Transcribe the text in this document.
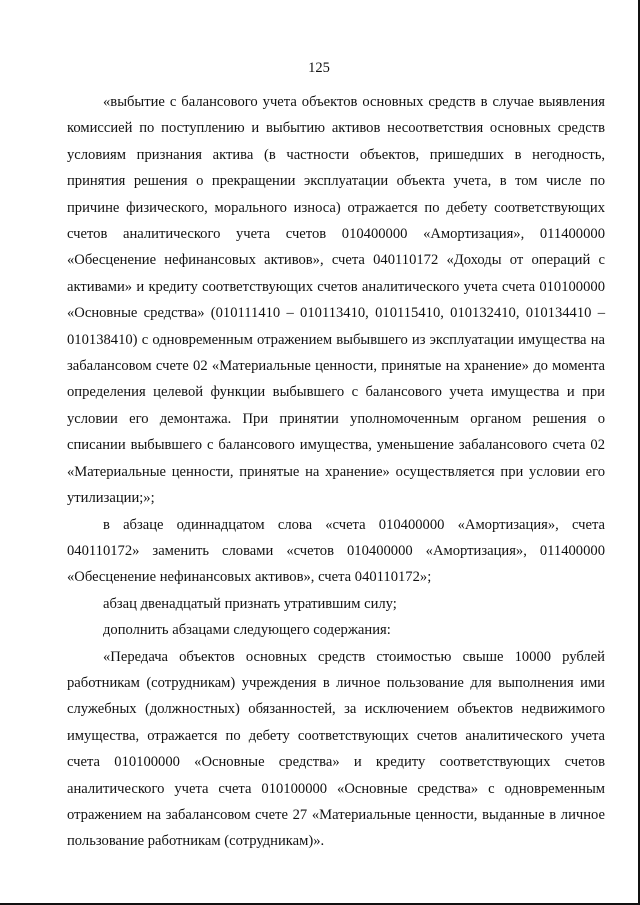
125

«выбытие с балансового учета объектов основных средств в случае выявления комиссией по поступлению и выбытию активов несоответствия основных средств условиям признания актива (в частности объектов, пришедших в негодность, принятия решения о прекращении эксплуатации объекта учета, в том числе по причине физического, морального износа) отражается по дебету соответствующих счетов аналитического учета счетов 010400000 «Амортизация», 011400000 «Обесценение нефинансовых активов», счета 040110172 «Доходы от операций с активами» и кредиту соответствующих счетов аналитического учета счета 010100000 «Основные средства» (010111410 – 010113410, 010115410, 010132410, 010134410 – 010138410) с одновременным отражением выбывшего из эксплуатации имущества на забалансовом счете 02 «Материальные ценности, принятые на хранение» до момента определения целевой функции выбывшего с балансового учета имущества и при условии его демонтажа. При принятии уполномоченным органом решения о списании выбывшего с балансового имущества, уменьшение забалансового счета 02 «Материальные ценности, принятые на хранение» осуществляется при условии его утилизации;»;

в абзаце одиннадцатом слова «счета 010400000 «Амортизация», счета 040110172» заменить словами «счетов 010400000 «Амортизация», 011400000 «Обесценение нефинансовых активов», счета 040110172»;

абзац двенадцатый признать утратившим силу;

дополнить абзацами следующего содержания:

«Передача объектов основных средств стоимостью свыше 10000 рублей работникам (сотрудникам) учреждения в личное пользование для выполнения ими служебных (должностных) обязанностей, за исключением объектов недвижимого имущества, отражается по дебету соответствующих счетов аналитического учета счета 010100000 «Основные средства» и кредиту соответствующих счетов аналитического учета счета 010100000 «Основные средства» с одновременным отражением на забалансовом счете 27 «Материальные ценности, выданные в личное пользование работникам (сотрудникам)».
